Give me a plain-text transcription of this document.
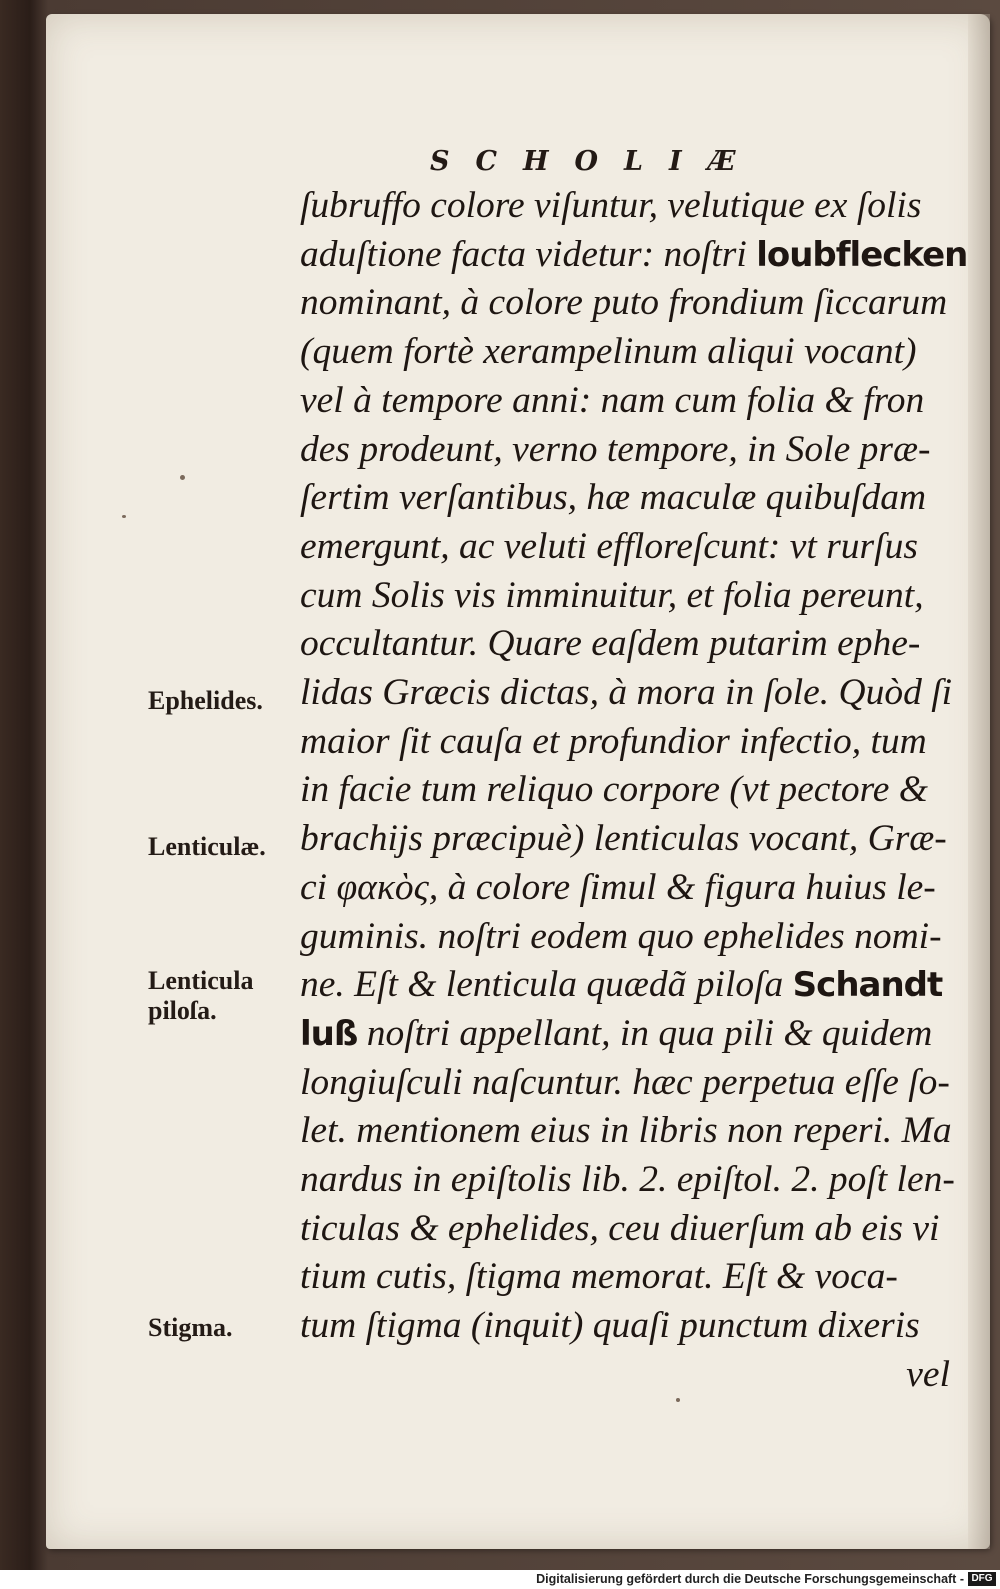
SCHOLIÆ
ſubruffo colore viſuntur, velutique ex ſolis
aduſtione facta videtur: noſtri loubflecken
nominant, à colore puto frondium ſiccarum
(quem fortè xerampelinum aliqui vocant)
vel à tempore anni: nam cum folia & fron
des prodeunt, verno tempore, in Sole præ-
ſertim verſantibus, hæ maculæ quibuſdam
emergunt, ac veluti effloreſcunt: vt rurſus
cum Solis vis imminuitur, et folia pereunt,
occultantur. Quare eaſdem putarim ephe-
lidas Græcis dictas, à mora in ſole. Quòd ſi
maior ſit cauſa et profundior infectio, tum
in facie tum reliquo corpore (vt pectore &
brachijs præcipuè) lenticulas vocant, Græ-
ci φακὸς, à colore ſimul & figura huius le-
guminis. noſtri eodem quo ephelides nomi-
ne. Eſt & lenticula quædã piloſa Schandt
luß noſtri appellant, in qua pili & quidem
longiuſculi naſcuntur. hæc perpetua eſſe ſo-
let. mentionem eius in libris non reperi. Ma
nardus in epiſtolis lib. 2. epiſtol. 2. poſt len-
ticulas & ephelides, ceu diuerſum ab eis vi
tium cutis, ſtigma memorat. Eſt & voca-
tum ſtigma (inquit) quaſi punctum dixeris
vel
Ephelides.
Lenticulæ.
Lenticula
piloſa.
Stigma.
Digitalisierung gefördert durch die Deutsche Forschungsgemeinschaft - DFG
